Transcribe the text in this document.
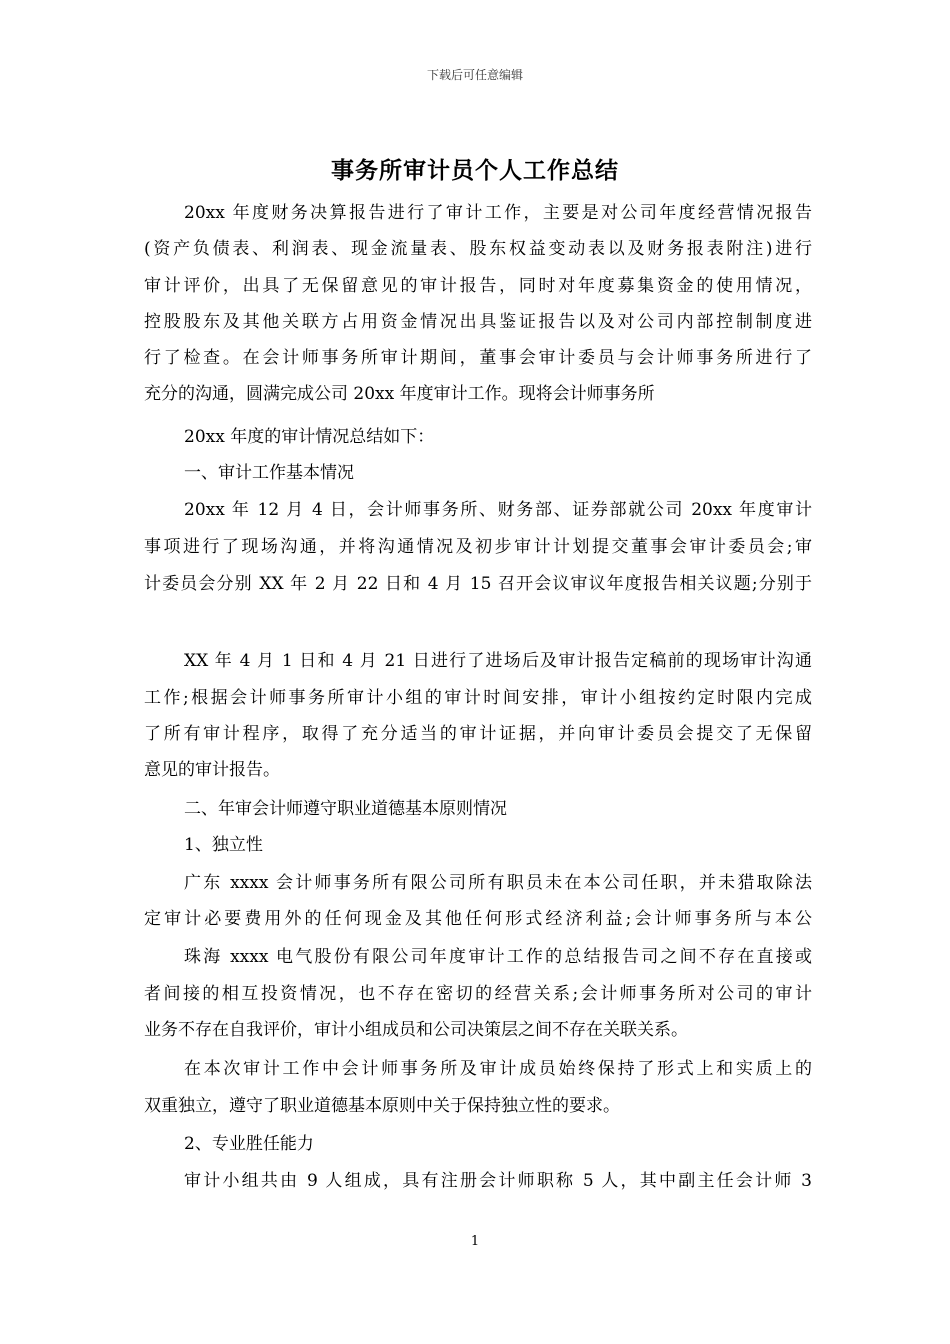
下载后可任意编辑
事务所审计员个人工作总结
20xx 年度财务决算报告进行了审计工作，主要是对公司年度经营情况报告
(资产负债表、利润表、现金流量表、股东权益变动表以及财务报表附注)进行
审计评价，出具了无保留意见的审计报告，同时对年度募集资金的使用情况，
控股股东及其他关联方占用资金情况出具鉴证报告以及对公司内部控制制度进
行了检查。在会计师事务所审计期间，董事会审计委员与会计师事务所进行了
充分的沟通，圆满完成公司 20xx 年度审计工作。现将会计师事务所
20xx 年度的审计情况总结如下：
一、审计工作基本情况
20xx 年 12 月 4 日，会计师事务所、财务部、证券部就公司 20xx 年度审计
事项进行了现场沟通，并将沟通情况及初步审计计划提交董事会审计委员会;审
计委员会分别 XX 年 2 月 22 日和 4 月 15 召开会议审议年度报告相关议题;分别于
XX 年 4 月 1 日和 4 月 21 日进行了进场后及审计报告定稿前的现场审计沟通
工作;根据会计师事务所审计小组的审计时间安排，审计小组按约定时限内完成
了所有审计程序，取得了充分适当的审计证据，并向审计委员会提交了无保留
意见的审计报告。
二、年审会计师遵守职业道德基本原则情况
1、独立性
广东 xxxx 会计师事务所有限公司所有职员未在本公司任职，并未猎取除法
定审计必要费用外的任何现金及其他任何形式经济利益;会计师事务所与本公
珠海 xxxx 电气股份有限公司年度审计工作的总结报告司之间不存在直接或
者间接的相互投资情况，也不存在密切的经营关系;会计师事务所对公司的审计
业务不存在自我评价，审计小组成员和公司决策层之间不存在关联关系。
在本次审计工作中会计师事务所及审计成员始终保持了形式上和实质上的
双重独立，遵守了职业道德基本原则中关于保持独立性的要求。
2、专业胜任能力
审计小组共由 9 人组成，具有注册会计师职称 5 人，其中副主任会计师 3
1
